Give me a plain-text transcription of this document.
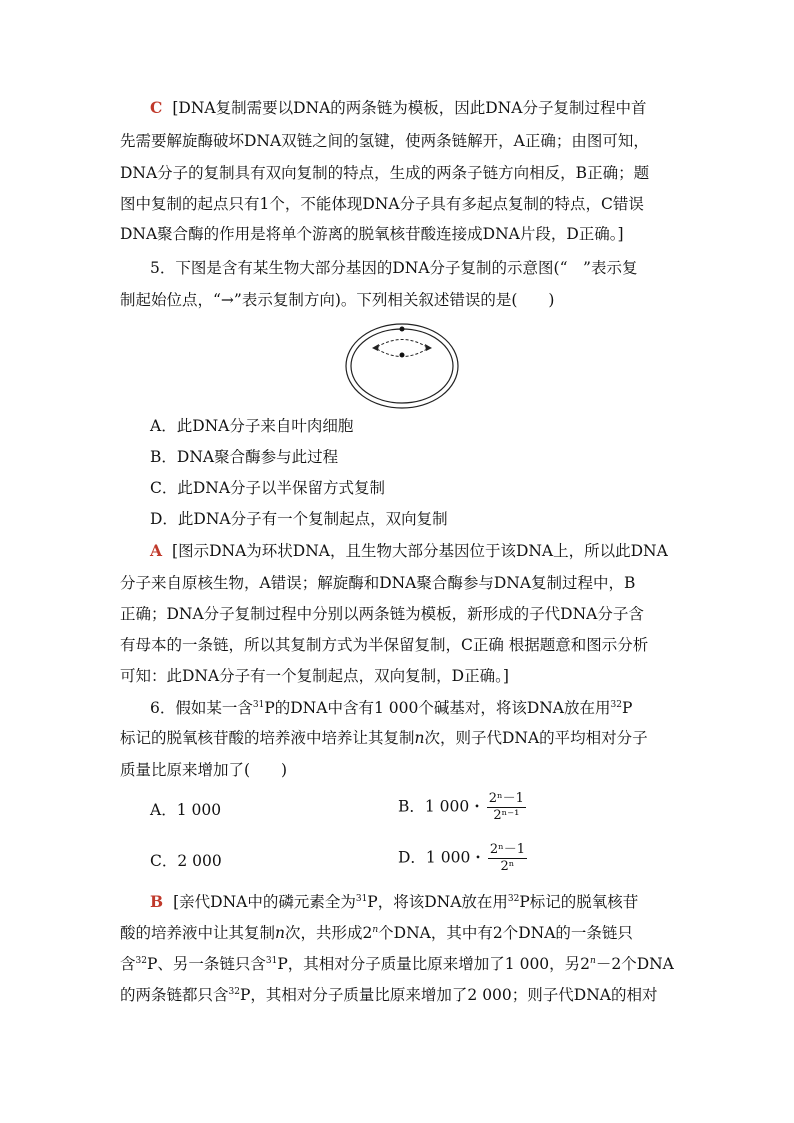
C [DNA复制需要以DNA的两条链为模板，因此DNA分子复制过程中首
先需要解旋酶破坏DNA双链之间的氢键，使两条链解开，A正确；由图可知，
DNA分子的复制具有双向复制的特点，生成的两条子链方向相反，B正确；题
图中复制的起点只有1个，不能体现DNA分子具有多起点复制的特点，C错误
DNA聚合酶的作用是将单个游离的脱氧核苷酸连接成DNA片段，D正确。]
5．下图是含有某生物大部分基因的DNA分子复制的示意图(“　”表示复
制起始位点，“→”表示复制方向)。下列相关叙述错误的是(　　)
A．此DNA分子来自叶肉细胞
B．DNA聚合酶参与此过程
C．此DNA分子以半保留方式复制
D．此DNA分子有一个复制起点，双向复制
A [图示DNA为环状DNA，且生物大部分基因位于该DNA上，所以此DNA
分子来自原核生物，A错误；解旋酶和DNA聚合酶参与DNA复制过程中，B
正确；DNA分子复制过程中分别以两条链为模板，新形成的子代DNA分子含
有母本的一条链，所以其复制方式为半保留复制，C正确 根据题意和图示分析
可知：此DNA分子有一个复制起点，双向复制，D正确。]
6．假如某一含$^{31}$P的DNA中含有1 000个碱基对，将该DNA放在用$^{32}$P
标记的脱氧核苷酸的培养液中培养让其复制n次，则子代DNA的平均相对分子
质量比原来增加了(　　)
A．1 000	B．1 000・ $\frac{\text{2ⁿ－1}}{\text{2ⁿ⁻¹}}$
C．2 000	D．1 000・ $\frac{\text{2ⁿ－1}}{\text{2ⁿ}}$
B [亲代DNA中的磷元素全为$^{31}$P，将该DNA放在用$^{32}$P标记的脱氧核苷
酸的培养液中让其复制n次，共形成2$^n$个DNA，其中有2个DNA的一条链只
含$^{32}$P、另一条链只含$^{31}$P，其相对分子质量比原来增加了1 000，另$2^n-2$个DNA
的两条链都只含$^{32}$P，其相对分子质量比原来增加了2 000；则子代DNA的相对
